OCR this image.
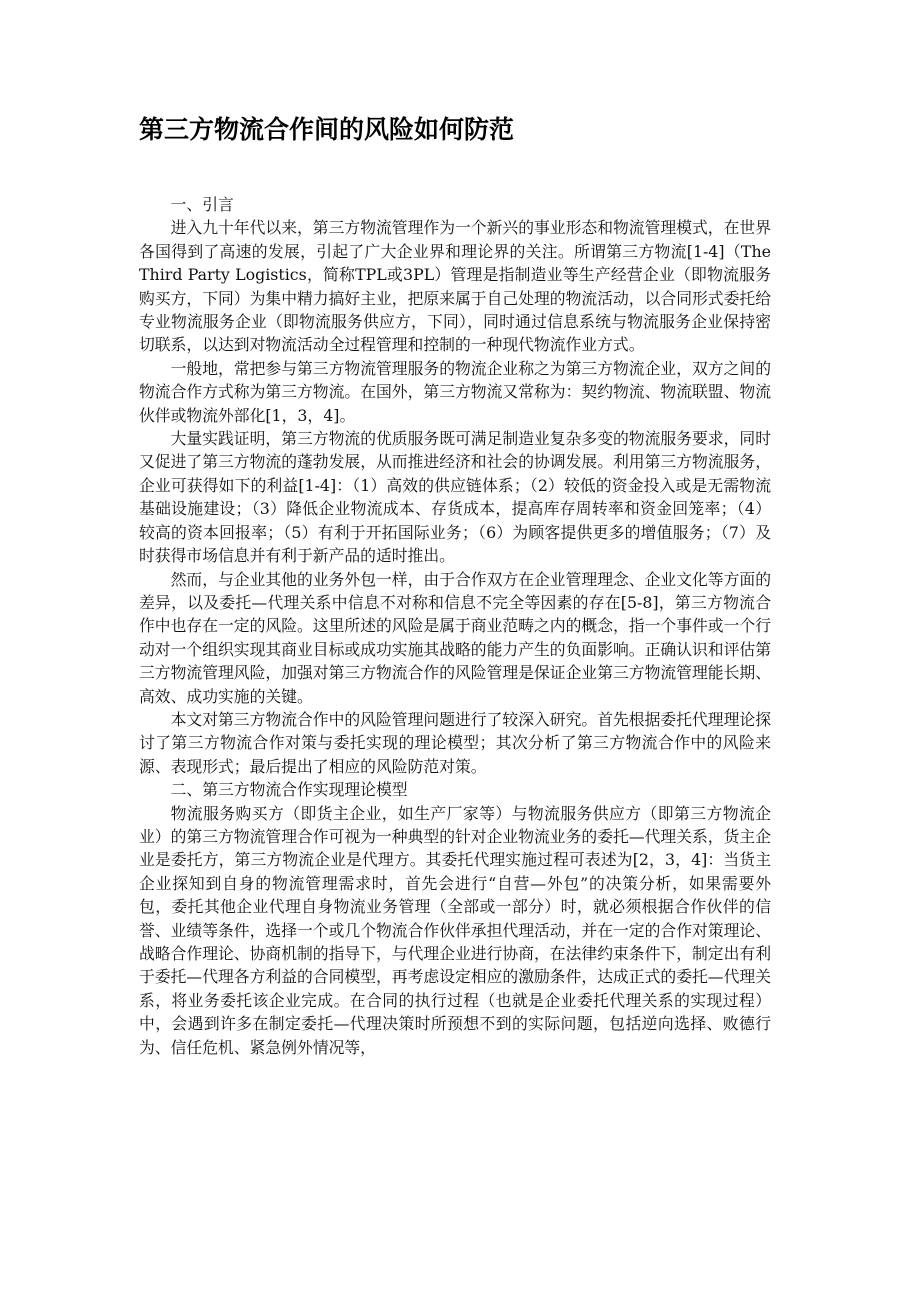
第三方物流合作间的风险如何防范

一、引言

进入九十年代以来，第三方物流管理作为一个新兴的事业形态和物流管理模式，在世界各国得到了高速的发展，引起了广大企业界和理论界的关注。所谓第三方物流[1-4]（The Third Party Logistics，简称TPL或3PL）管理是指制造业等生产经营企业（即物流服务购买方，下同）为集中精力搞好主业，把原来属于自己处理的物流活动，以合同形式委托给专业物流服务企业（即物流服务供应方，下同），同时通过信息系统与物流服务企业保持密切联系，以达到对物流活动全过程管理和控制的一种现代物流作业方式。

一般地，常把参与第三方物流管理服务的物流企业称之为第三方物流企业，双方之间的物流合作方式称为第三方物流。在国外，第三方物流又常称为：契约物流、物流联盟、物流伙伴或物流外部化[1，3，4]。

大量实践证明，第三方物流的优质服务既可满足制造业复杂多变的物流服务要求，同时又促进了第三方物流的蓬勃发展，从而推进经济和社会的协调发展。利用第三方物流服务，企业可获得如下的利益[1-4]：（1）高效的供应链体系；（2）较低的资金投入或是无需物流基础设施建设；（3）降低企业物流成本、存货成本，提高库存周转率和资金回笼率；（4）较高的资本回报率；（5）有利于开拓国际业务；（6）为顾客提供更多的增值服务；（7）及时获得市场信息并有利于新产品的适时推出。

然而，与企业其他的业务外包一样，由于合作双方在企业管理理念、企业文化等方面的差异，以及委托—代理关系中信息不对称和信息不完全等因素的存在[5-8]，第三方物流合作中也存在一定的风险。这里所述的风险是属于商业范畴之内的概念，指一个事件或一个行动对一个组织实现其商业目标或成功实施其战略的能力产生的负面影响。正确认识和评估第三方物流管理风险，加强对第三方物流合作的风险管理是保证企业第三方物流管理能长期、高效、成功实施的关键。

本文对第三方物流合作中的风险管理问题进行了较深入研究。首先根据委托代理理论探讨了第三方物流合作对策与委托实现的理论模型；其次分析了第三方物流合作中的风险来源、表现形式；最后提出了相应的风险防范对策。

二、第三方物流合作实现理论模型

物流服务购买方（即货主企业，如生产厂家等）与物流服务供应方（即第三方物流企业）的第三方物流管理合作可视为一种典型的针对企业物流业务的委托—代理关系，货主企业是委托方，第三方物流企业是代理方。其委托代理实施过程可表述为[2，3，4]：当货主企业探知到自身的物流管理需求时，首先会进行“自营—外包”的决策分析，如果需要外包，委托其他企业代理自身物流业务管理（全部或一部分）时，就必须根据合作伙伴的信誉、业绩等条件，选择一个或几个物流合作伙伴承担代理活动，并在一定的合作对策理论、战略合作理论、协商机制的指导下，与代理企业进行协商，在法律约束条件下，制定出有利于委托—代理各方利益的合同模型，再考虑设定相应的激励条件，达成正式的委托—代理关系，将业务委托该企业完成。在合同的执行过程（也就是企业委托代理关系的实现过程）中，会遇到许多在制定委托—代理决策时所预想不到的实际问题，包括逆向选择、败德行为、信任危机、紧急例外情况等，
